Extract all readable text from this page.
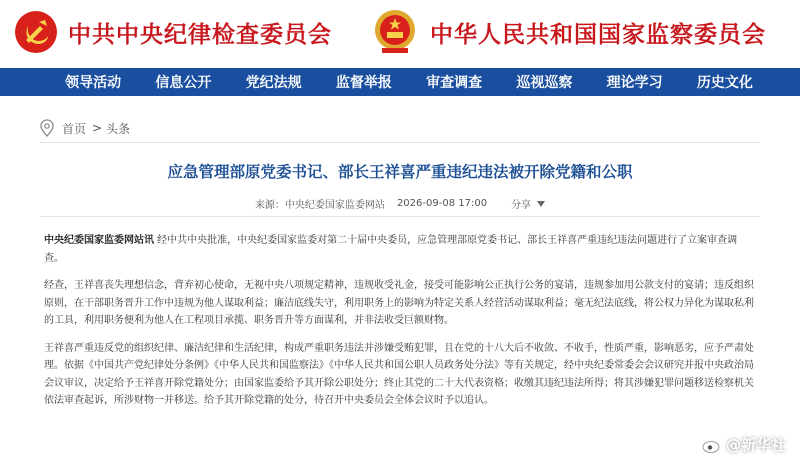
中共中央纪律检查委员会	中华人民共和国国家监察委员会
领导活动 信息公开 党纪法规 监督举报 审查调查 巡视巡察 理论学习 历史文化
首页 > 头条
应急管理部原党委书记、部长王祥喜严重违纪违法被开除党籍和公职
来源：中央纪委国家监委网站 2026-09-08 17:00 分享

中央纪委国家监委网站讯 经中共中央批准，中央纪委国家监委对第二十届中央委员，应急管理部原党委书记、部长王祥喜严重违纪违法问题进行了立案审查调查。

经查，王祥喜丧失理想信念，背弃初心使命，无视中央八项规定精神，违规收受礼金，接受可能影响公正执行公务的宴请，违规参加用公款支付的宴请；违反组织原则，在干部职务晋升工作中违规为他人谋取利益；廉洁底线失守，利用职务上的影响为特定关系人经营活动谋取利益；毫无纪法底线，将公权力异化为谋取私利的工具，利用职务便利为他人在工程项目承揽、职务晋升等方面谋利，并非法收受巨额财物。

王祥喜严重违反党的组织纪律、廉洁纪律和生活纪律，构成严重职务违法并涉嫌受贿犯罪，且在党的十八大后不收敛、不收手，性质严重，影响恶劣，应予严肃处理。依据《中国共产党纪律处分条例》《中华人民共和国监察法》《中华人民共和国公职人员政务处分法》等有关规定，经中央纪委常委会会议研究并报中央政治局会议审议，决定给予王祥喜开除党籍处分；由国家监委给予其开除公职处分；终止其党的二十大代表资格；收缴其违纪违法所得；将其涉嫌犯罪问题移送检察机关依法审查起诉，所涉财物一并移送。给予其开除党籍的处分，待召开中央委员会全体会议时予以追认。

@新华社
